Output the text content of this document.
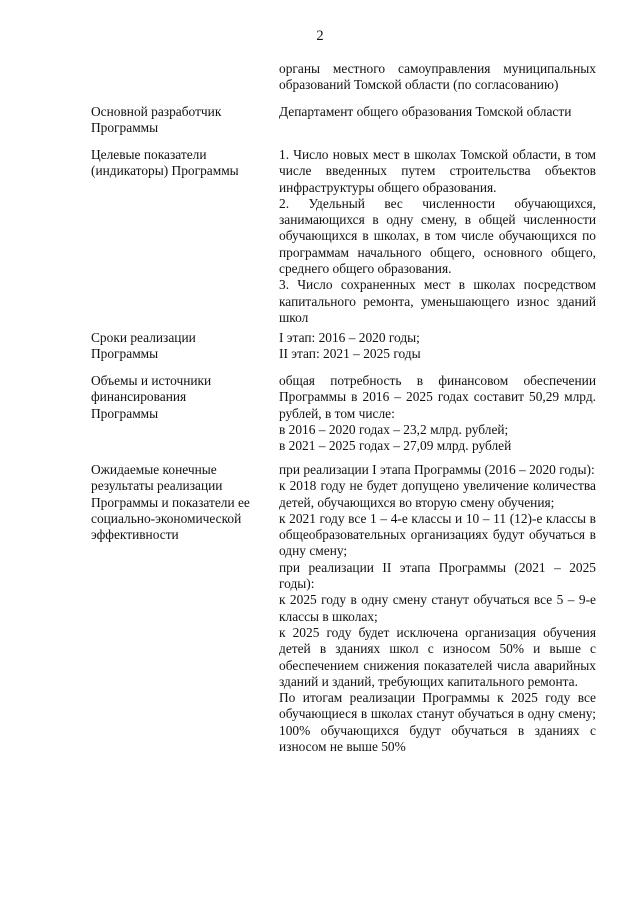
2
органы местного самоуправления муниципальных образований Томской области (по согласованию)
Основной разработчик
Программы
Департамент общего образования Томской области
Целевые показатели
(индикаторы) Программы
1. Число новых мест в школах Томской области, в том числе введенных путем строительства объектов инфраструктуры общего образования.
2. Удельный вес численности обучающихся, занимающихся в одну смену, в общей численности обучающихся в школах, в том числе обучающихся по программам начального общего, основного общего, среднего общего образования.
3. Число сохраненных мест в школах посредством капитального ремонта, уменьшающего износ зданий школ
Сроки реализации
Программы
I этап: 2016 – 2020 годы;
II этап: 2021 – 2025 годы
Объемы и источники
финансирования
Программы
общая потребность в финансовом обеспечении Программы в 2016 – 2025 годах составит 50,29 млрд. рублей, в том числе:
в 2016 – 2020 годах – 23,2 млрд. рублей;
в 2021 – 2025 годах – 27,09 млрд. рублей
Ожидаемые конечные
результаты реализации
Программы и показатели ее
социально-экономической
эффективности
при реализации I этапа Программы (2016 – 2020 годы):
к 2018 году не будет допущено увеличение количества детей, обучающихся во вторую смену обучения;
к 2021 году все 1 – 4-е классы и 10 – 11 (12)-е классы в общеобразовательных организациях будут обучаться в одну смену;
при реализации II этапа Программы (2021 – 2025 годы):
к 2025 году в одну смену станут обучаться все 5 – 9-е классы в школах;
к 2025 году будет исключена организация обучения детей в зданиях школ с износом 50% и выше с обеспечением снижения показателей числа аварийных зданий и зданий, требующих капитального ремонта.
По итогам реализации Программы к 2025 году все обучающиеся в школах станут обучаться в одну смену; 100% обучающихся будут обучаться в зданиях с износом не выше 50%
